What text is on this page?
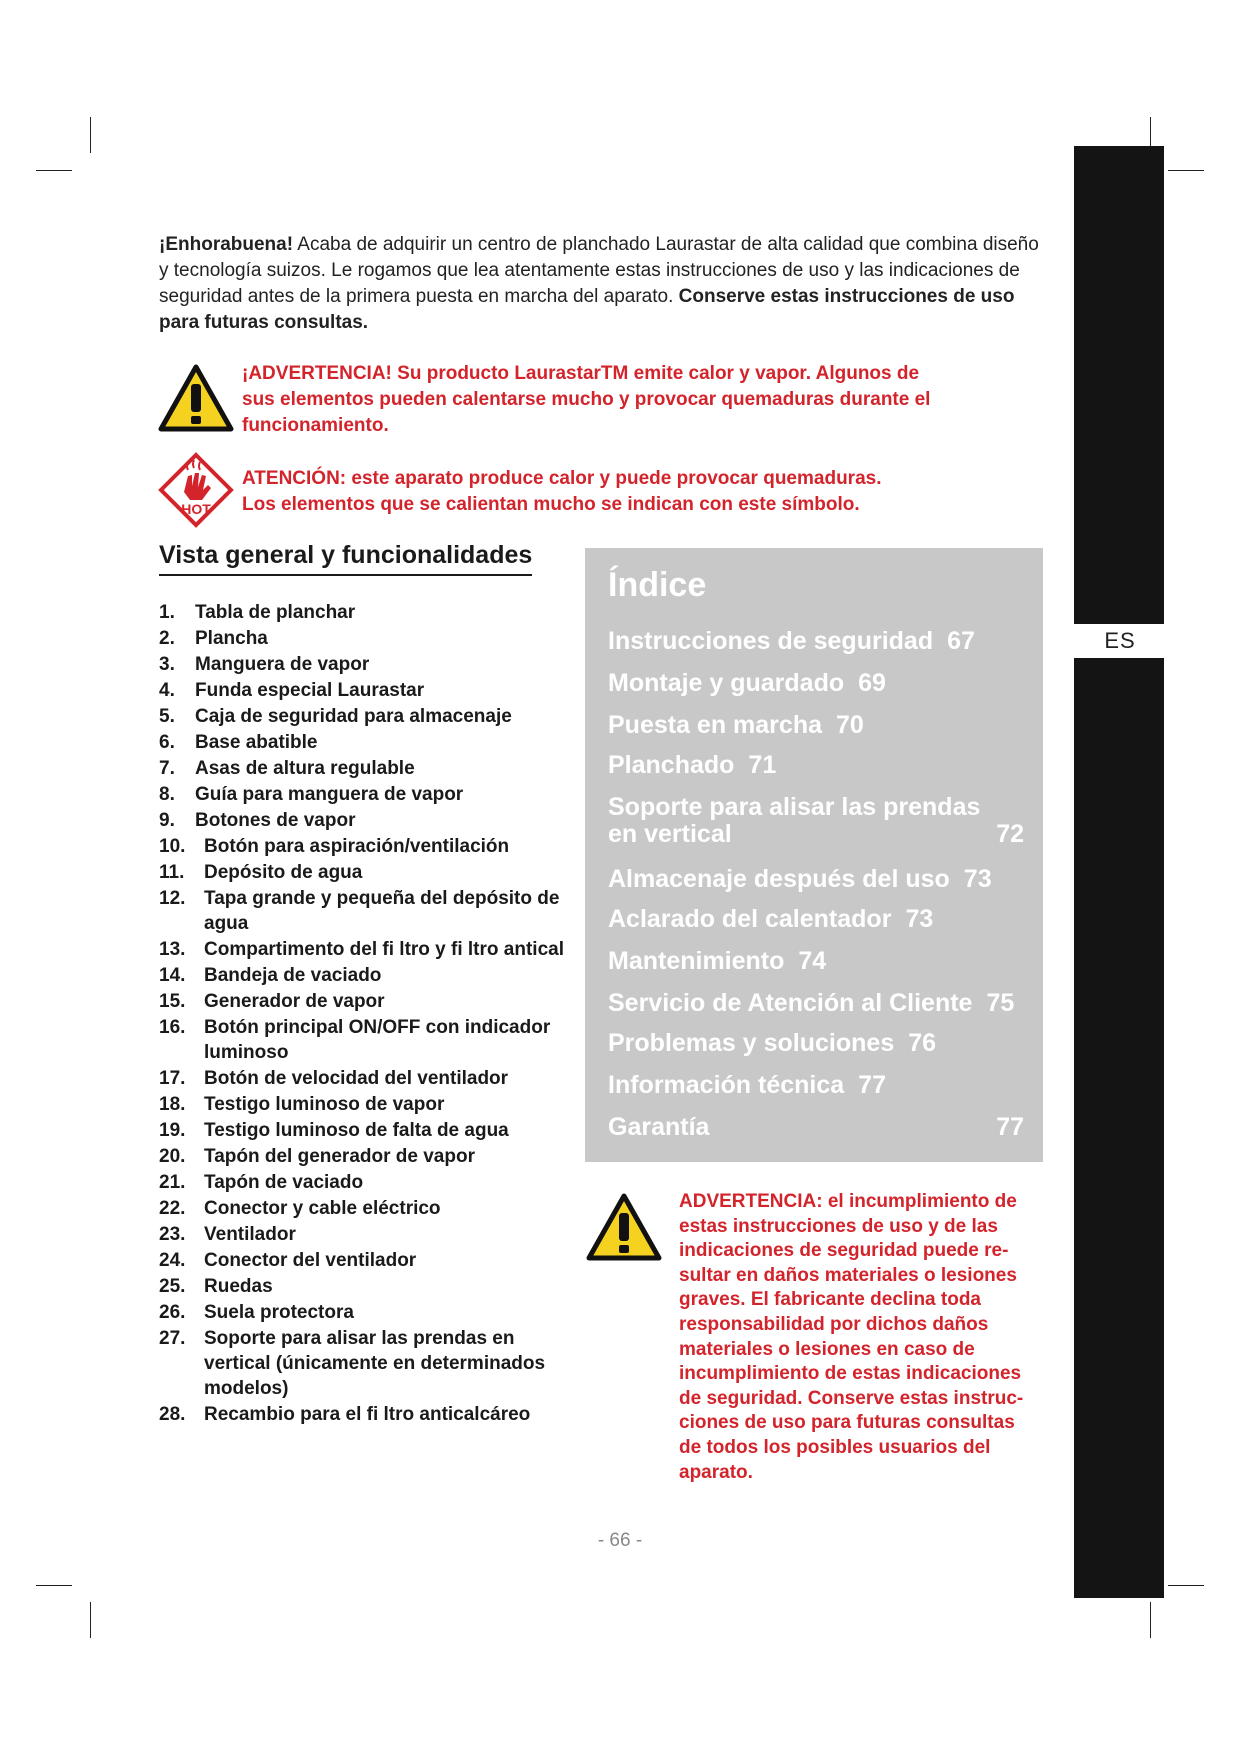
ES
¡Enhorabuena! Acaba de adquirir un centro de planchado Laurastar de alta calidad que combina diseño y tecnología suizos. Le rogamos que lea atentamente estas instrucciones de uso y las indicaciones de seguridad antes de la primera puesta en marcha del aparato. Conserve estas instrucciones de uso para futuras consultas.
¡ADVERTENCIA! Su producto LaurastarTM emite calor y vapor. Algunos de
sus elementos pueden calentarse mucho y provocar quemaduras durante el
funcionamiento.
HOT
ATENCIÓN: este aparato produce calor y puede provocar quemaduras.
Los elementos que se calientan mucho se indican con este símbolo.
Vista general y funcionalidades
1. Tabla de planchar
2. Plancha
3. Manguera de vapor
4. Funda especial Laurastar
5. Caja de seguridad para almacenaje
6. Base abatible
7. Asas de altura regulable
8. Guía para manguera de vapor
9. Botones de vapor
10. Botón para aspiración/ventilación
11. Depósito de agua
12. Tapa grande y pequeña del depósito de agua
13. Compartimento del fi ltro y fi ltro antical
14. Bandeja de vaciado
15. Generador de vapor
16. Botón principal ON/OFF con indicador luminoso
17. Botón de velocidad del ventilador
18. Testigo luminoso de vapor
19. Testigo luminoso de falta de agua
20. Tapón del generador de vapor
21. Tapón de vaciado
22. Conector y cable eléctrico
23. Ventilador
24. Conector del ventilador
25. Ruedas
26. Suela protectora
27. Soporte para alisar las prendas en vertical (únicamente en determinados modelos)
28. Recambio para el fi ltro anticalcáreo
Índice
Instrucciones de seguridad 67
Montaje y guardado 69
Puesta en marcha 70
Planchado 71
Soporte para alisar las prendas en vertical	72
Almacenaje después del uso 73
Aclarado del calentador 73
Mantenimiento 74
Servicio de Atención al Cliente 75
Problemas y soluciones 76
Información técnica 77
Garantía	77
ADVERTENCIA: el incumplimiento de
estas instrucciones de uso y de las
indicaciones de seguridad puede re-
sultar en daños materiales o lesiones
graves. El fabricante declina toda
responsabilidad por dichos daños
materiales o lesiones en caso de
incumplimiento de estas indicaciones
de seguridad. Conserve estas instruc-
ciones de uso para futuras consultas
de todos los posibles usuarios del
aparato.
- 66 -
